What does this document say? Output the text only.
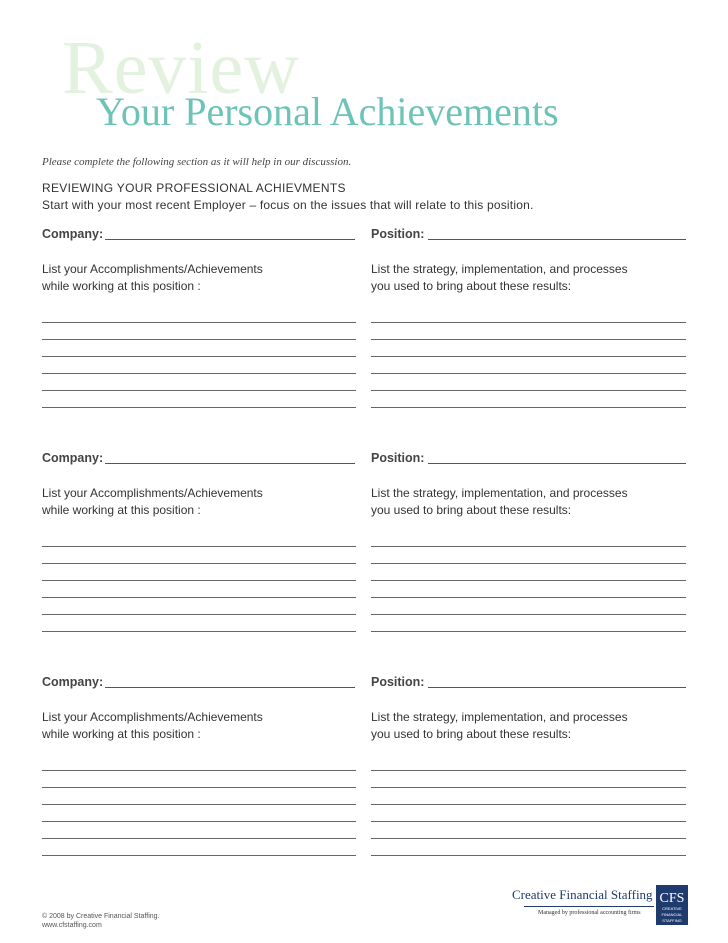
Review
Your Personal Achievements
Please complete the following section as it will help in our discussion.
REVIEWING YOUR PROFESSIONAL ACHIEVMENTS
Start with your most recent Employer – focus on the issues that will relate to this position.
Company:	Position:
List your Accomplishments/Achievements
while working at this position :
List the strategy, implementation, and processes
you used to bring about these results:
Company:	Position:
List your Accomplishments/Achievements
while working at this position :
List the strategy, implementation, and processes
you used to bring about these results:
Company:	Position:
List your Accomplishments/Achievements
while working at this position :
List the strategy, implementation, and processes
you used to bring about these results:
© 2008 by Creative Financial Staffing.
www.cfstaffing.com
Creative Financial Staffing
Managed by professional accounting firms
CFS
CREATIVE
FINANCIAL
STAFFING
